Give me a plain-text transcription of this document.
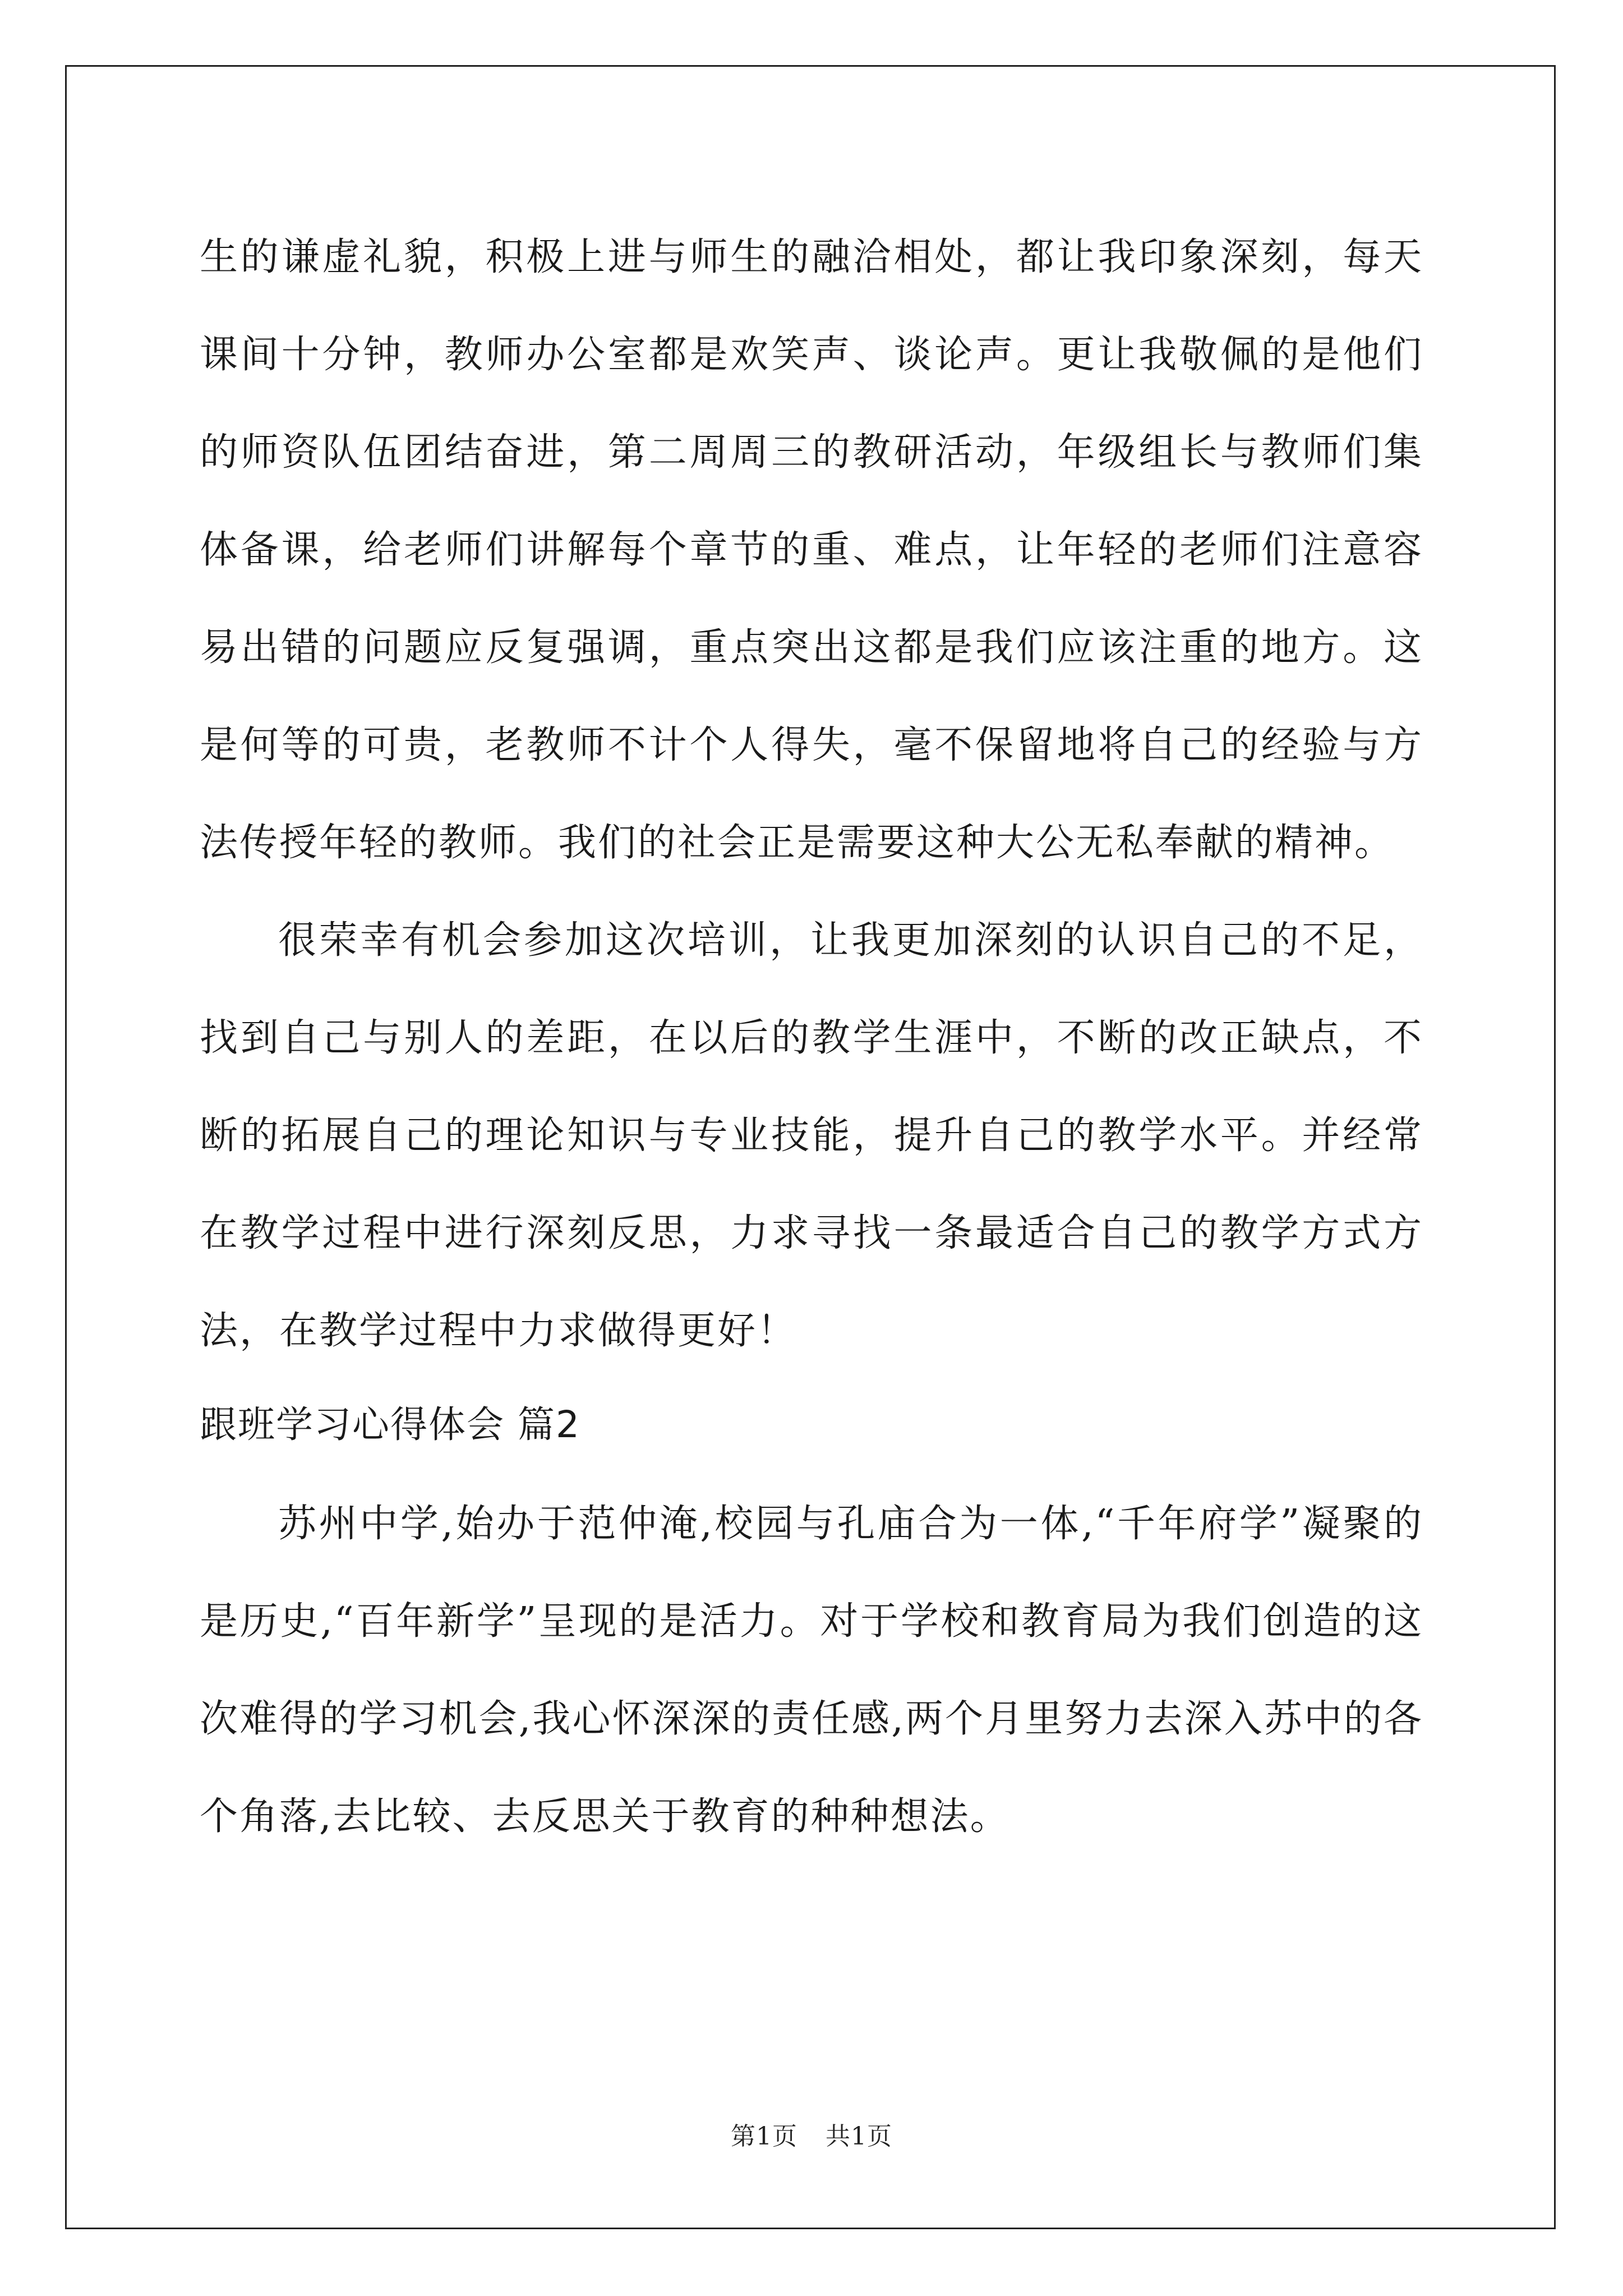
生的谦虚礼貌，积极上进与师生的融洽相处，都让我印象深刻，每天课间十分钟，教师办公室都是欢笑声、谈论声。更让我敬佩的是他们的师资队伍团结奋进，第二周周三的教研活动，年级组长与教师们集体备课，给老师们讲解每个章节的重、难点，让年轻的老师们注意容易出错的问题应反复强调，重点突出这都是我们应该注重的地方。这是何等的可贵，老教师不计个人得失，毫不保留地将自己的经验与方法传授年轻的教师。我们的社会正是需要这种大公无私奉献的精神。

很荣幸有机会参加这次培训，让我更加深刻的认识自己的不足，找到自己与别人的差距，在以后的教学生涯中，不断的改正缺点，不断的拓展自己的理论知识与专业技能，提升自己的教学水平。并经常在教学过程中进行深刻反思，力求寻找一条最适合自己的教学方式方法，在教学过程中力求做得更好！

跟班学习心得体会 篇2

苏州中学,始办于范仲淹,校园与孔庙合为一体,“千年府学”凝聚的是历史,“百年新学”呈现的是活力。对于学校和教育局为我们创造的这次难得的学习机会,我心怀深深的责任感,两个月里努力去深入苏中的各个角落,去比较、去反思关于教育的种种想法。

第1页 共1页
